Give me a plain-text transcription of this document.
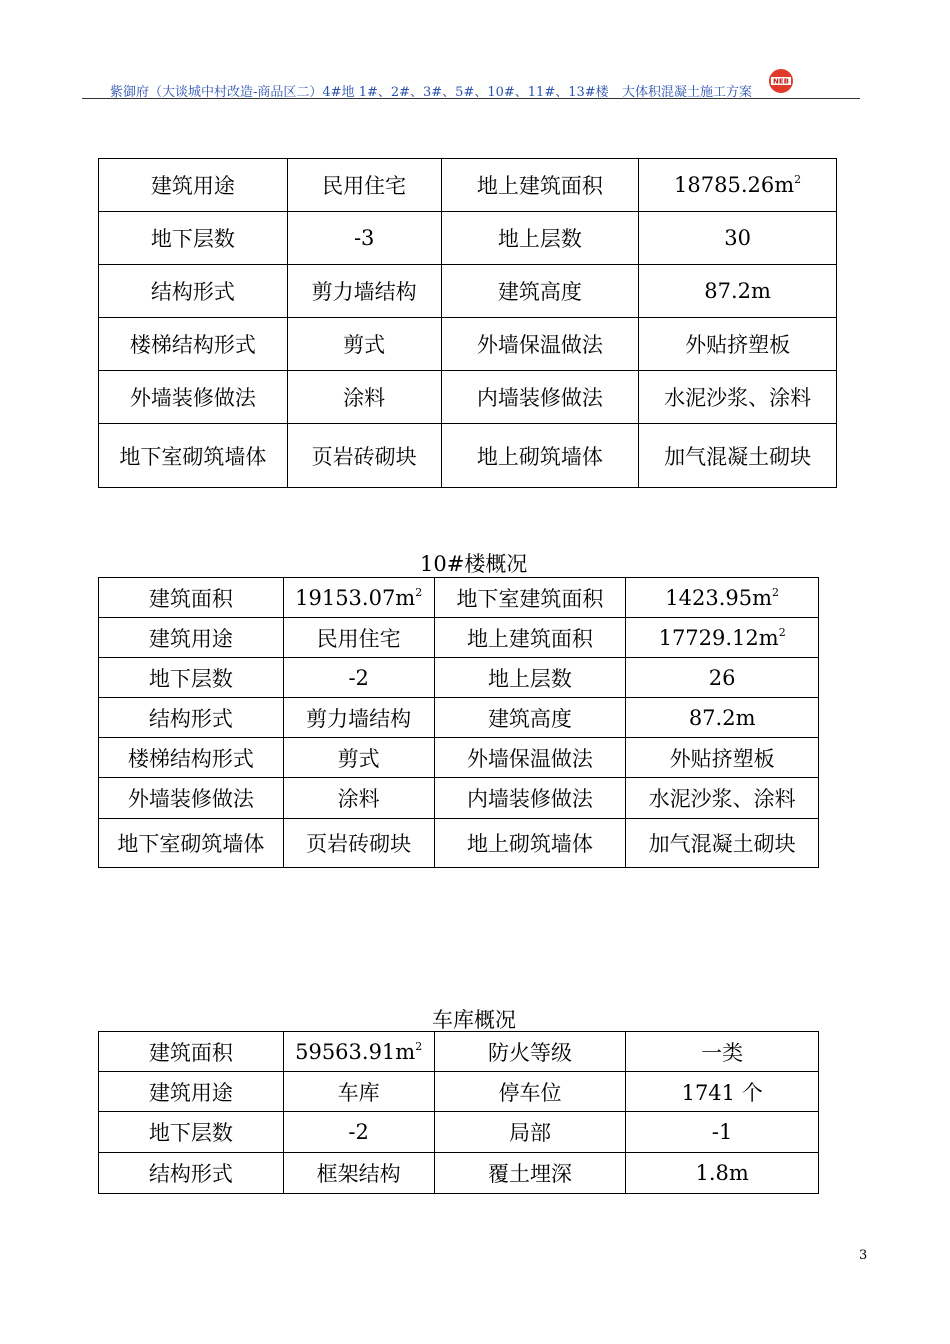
紫御府（大谈城中村改造-商品区二）4#地 1#、2#、3#、5#、10#、11#、13#楼 大体积混凝土施工方案
NEB
建筑用途	民用住宅	地上建筑面积	$18785.26m^2$
地下层数	-3	地上层数	30
结构形式	剪力墙结构	建筑高度	87.2m
楼梯结构形式	剪式	外墙保温做法	外贴挤塑板
外墙装修做法	涂料	内墙装修做法	水泥沙浆、涂料
地下室砌筑墙体	页岩砖砌块	地上砌筑墙体	加气混凝土砌块
10#楼概况
建筑面积	$19153.07m^2$	地下室建筑面积	$1423.95m^2$
建筑用途	民用住宅	地上建筑面积	$17729.12m^2$
地下层数	-2	地上层数	26
结构形式	剪力墙结构	建筑高度	87.2m
楼梯结构形式	剪式	外墙保温做法	外贴挤塑板
外墙装修做法	涂料	内墙装修做法	水泥沙浆、涂料
地下室砌筑墙体	页岩砖砌块	地上砌筑墙体	加气混凝土砌块
车库概况
建筑面积	$59563.91m^2$	防火等级	一类
建筑用途	车库	停车位	1741 个
地下层数	-2	局部	-1
结构形式	框架结构	覆土埋深	1.8m
3
